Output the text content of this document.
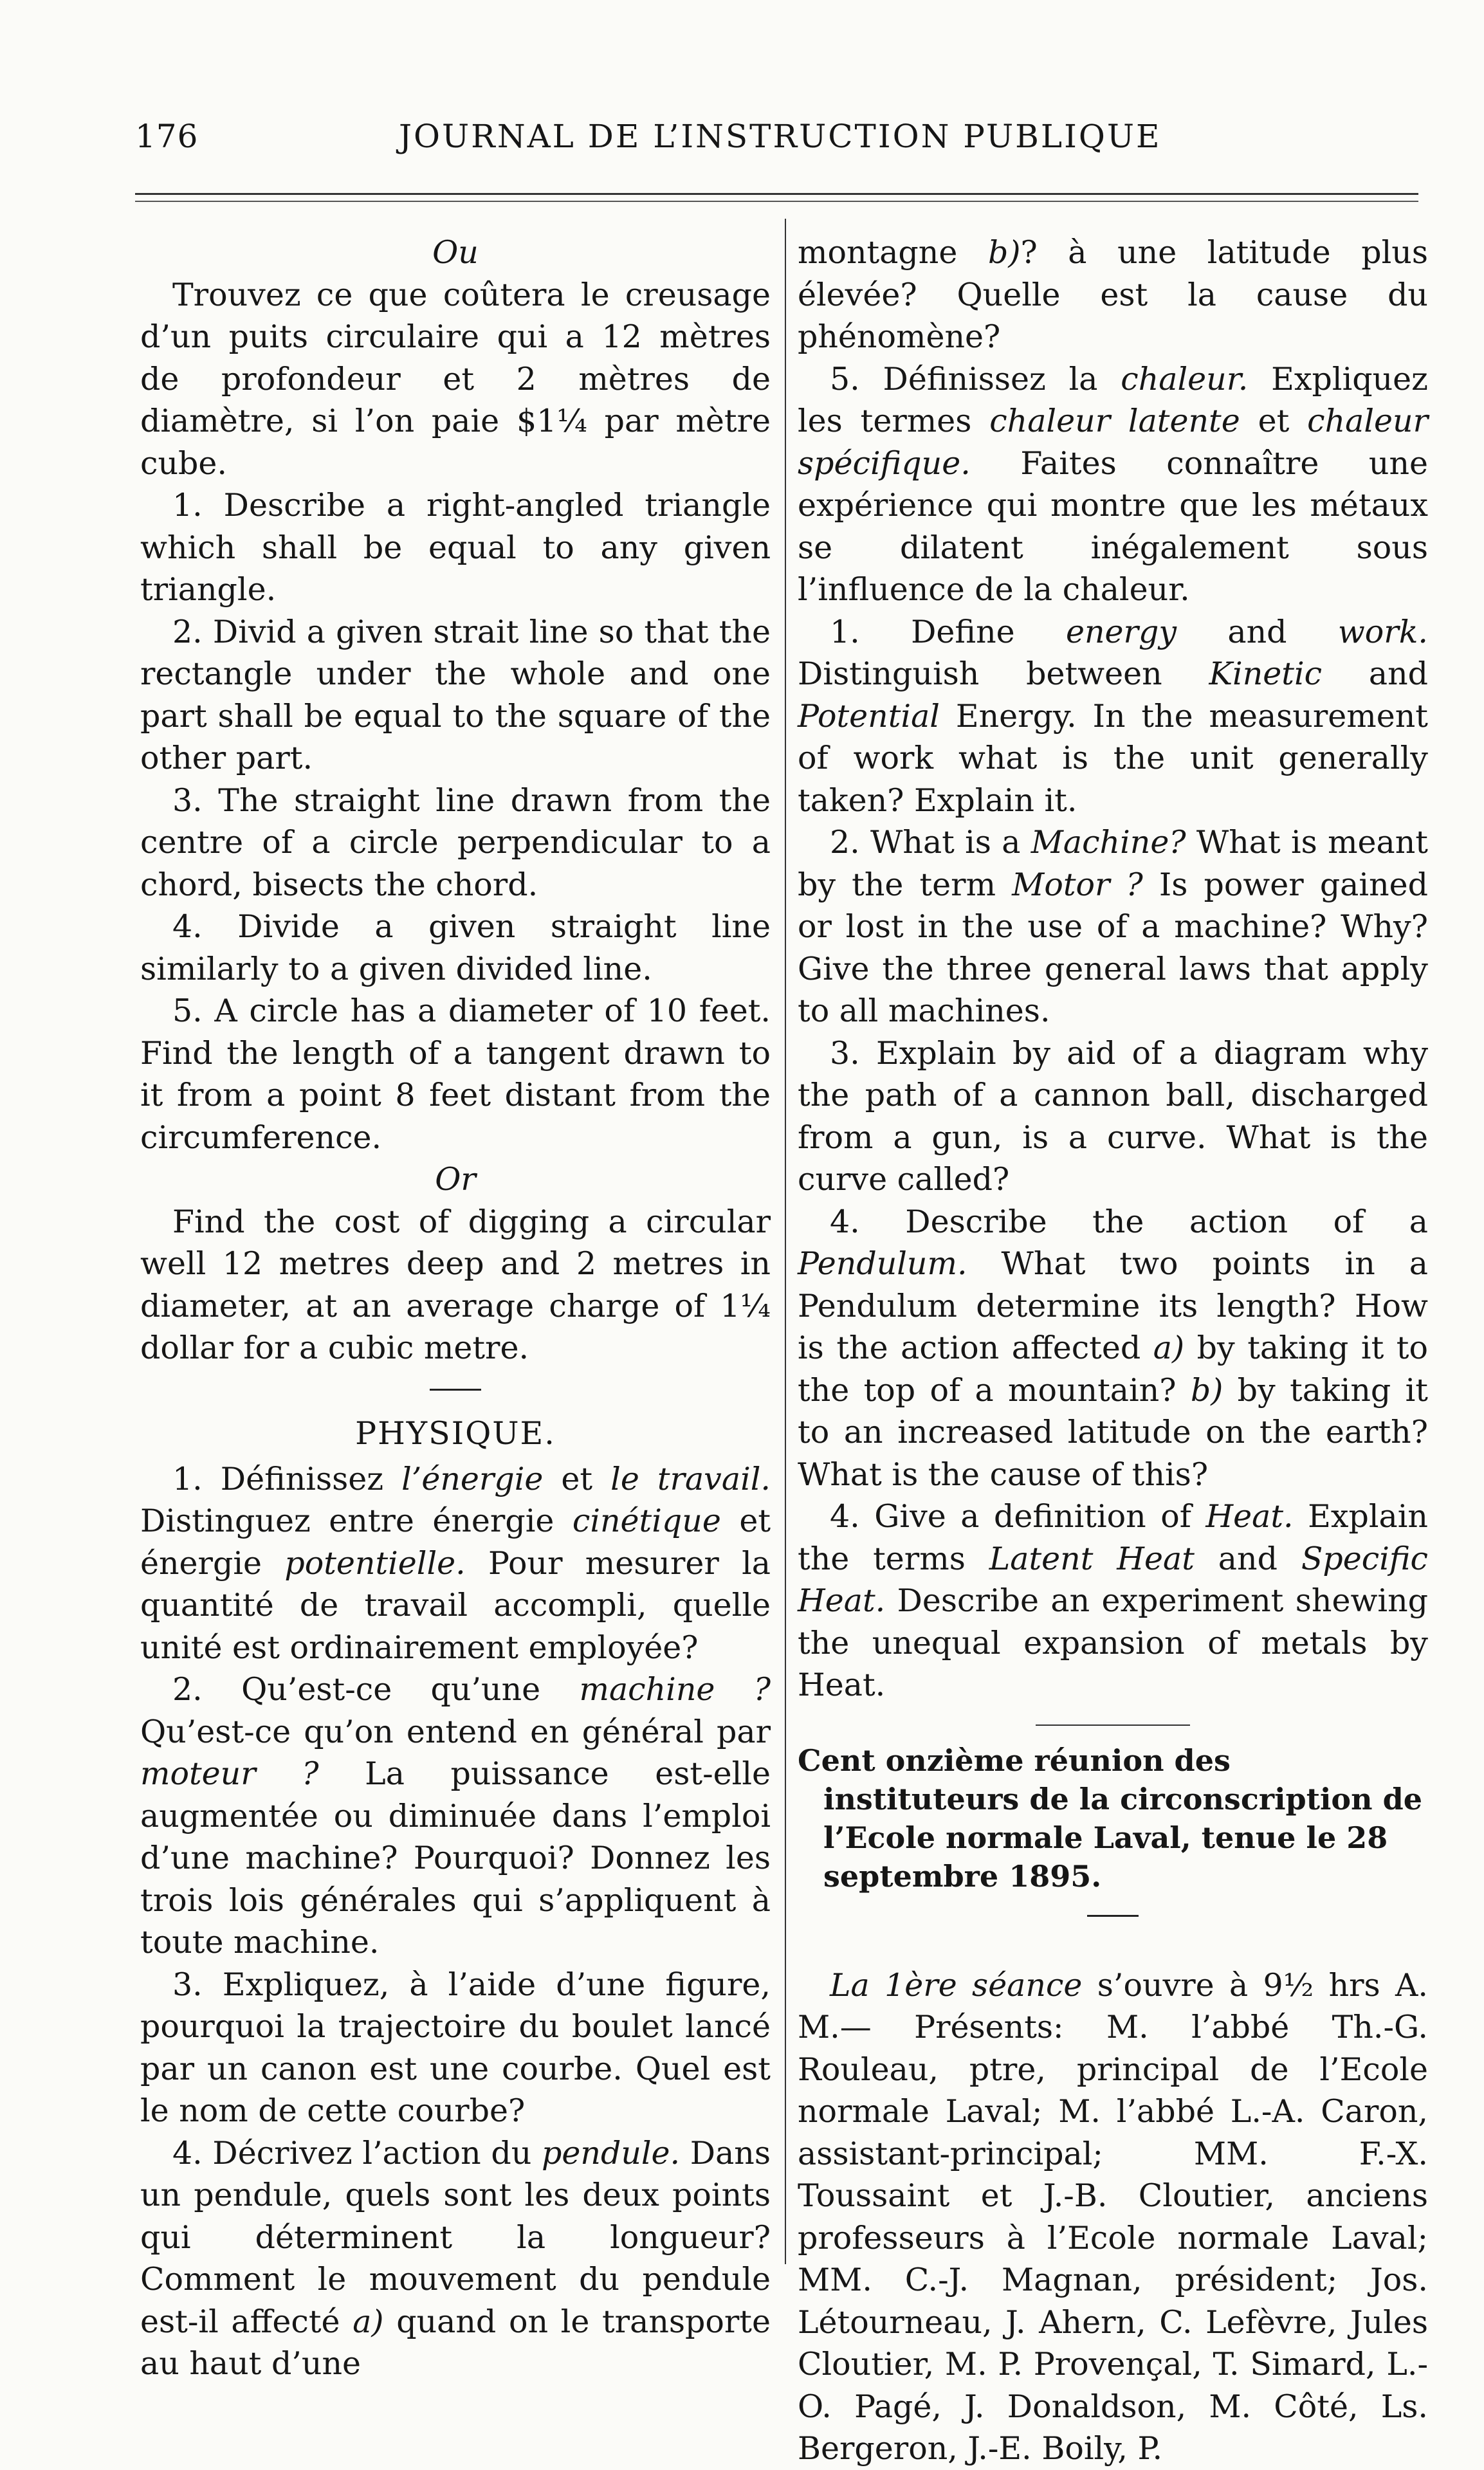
176	JOURNAL DE L’INSTRUCTION PUBLIQUE

Ou

Trouvez ce que coûtera le creusage d’un puits circulaire qui a 12 mètres de profondeur et 2 mètres de diamètre, si l’on paie $1¼ par mètre cube.

1. Describe a right-angled triangle which shall be equal to any given triangle.

2. Divid a given strait line so that the rectangle under the whole and one part shall be equal to the square of the other part.

3. The straight line drawn from the centre of a circle perpendicular to a chord, bisects the chord.

4. Divide a given straight line similarly to a given divided line.

5. A circle has a diameter of 10 feet. Find the length of a tangent drawn to it from a point 8 feet distant from the circumference.

Or

Find the cost of digging a circular well 12 metres deep and 2 metres in diameter, at an average charge of 1¼ dollar for a cubic metre.

PHYSIQUE.

1. Définissez l’énergie et le travail. Distinguez entre énergie cinétique et énergie potentielle. Pour mesurer la quantité de travail accompli, quelle unité est ordinairement employée?

2. Qu’est-ce qu’une machine ? Qu’est-ce qu’on entend en général par moteur ? La puissance est-elle augmentée ou diminuée dans l’emploi d’une machine? Pourquoi? Donnez les trois lois générales qui s’appliquent à toute machine.

3. Expliquez, à l’aide d’une figure, pourquoi la trajectoire du boulet lancé par un canon est une courbe. Quel est le nom de cette courbe?

4. Décrivez l’action du pendule. Dans un pendule, quels sont les deux points qui déterminent la longueur? Comment le mouvement du pendule est-il affecté a) quand on le transporte au haut d’une

montagne b)? à une latitude plus élevée? Quelle est la cause du phénomène?

5. Définissez la chaleur. Expliquez les termes chaleur latente et chaleur spécifique. Faites connaître une expérience qui montre que les métaux se dilatent inégalement sous l’influence de la chaleur.

1. Define energy and work. Distinguish between Kinetic and Potential Energy. In the measurement of work what is the unit generally taken? Explain it.

2. What is a Machine? What is meant by the term Motor ? Is power gained or lost in the use of a machine? Why? Give the three general laws that apply to all machines.

3. Explain by aid of a diagram why the path of a cannon ball, discharged from a gun, is a curve. What is the curve called?

4. Describe the action of a Pendulum. What two points in a Pendulum determine its length? How is the action affected a) by taking it to the top of a mountain? b) by taking it to an increased latitude on the earth? What is the cause of this?

4. Give a definition of Heat. Explain the terms Latent Heat and Specific Heat. Describe an experiment shewing the unequal expansion of metals by Heat.

Cent onzième réunion des instituteurs de la circonscription de l’Ecole normale Laval, tenue le 28 septembre 1895.

La 1ère séance s’ouvre à 9½ hrs A. M.— Présents: M. l’abbé Th.-G. Rouleau, ptre, principal de l’Ecole normale Laval; M. l’abbé L.-A. Caron, assistant-principal; MM. F.-X. Toussaint et J.-B. Cloutier, anciens professeurs à l’Ecole normale Laval; MM. C.-J. Magnan, président; Jos. Létourneau, J. Ahern, C. Lefèvre, Jules Cloutier, M. P. Provençal, T. Simard, L.-O. Pagé, J. Donaldson, M. Côté, Ls. Bergeron, J.-E. Boily, P.
